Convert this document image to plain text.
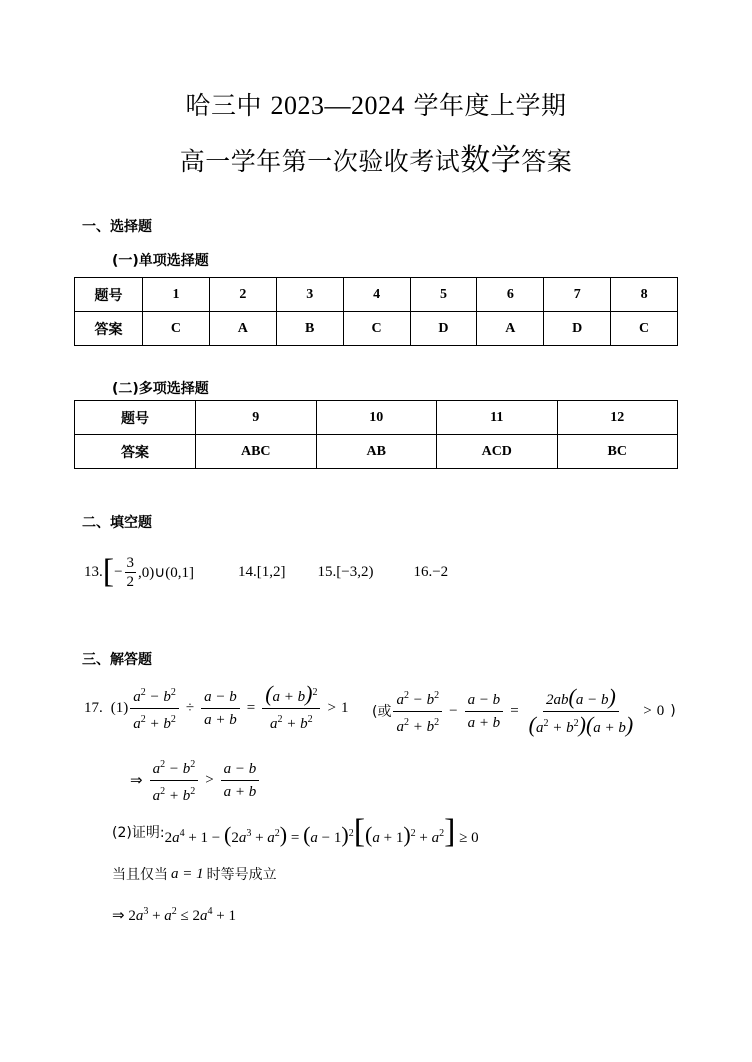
哈三中 2023—2024 学年度上学期
高一学年第一次验收考试数学答案
一、选择题
(一)单项选择题
题号	1	2	3	4	5	6	7	8
答案	C	A	B	C	D	A	D	C
(二)多项选择题
题号	9	10	11	12
答案	ABC	AB	ACD	BC
二、填空题
13. [ − $\frac{3}{2}$ ,0)∪(0,1]	14. [1,2] 15. [−3,2)	16. −2
三、解答题
17. $(1) \frac{a^2 - b^2}{a^2 + b^2} \div \frac{a - b}{a + b} = \frac{(a + b)^2}{a^2 + b^2} > 1$ (或 $\frac{a^2 - b^2}{a^2 + b^2} - \frac{a - b}{a + b} = \frac{2ab(a - b)}{(a^2 + b^2)(a + b)} > 0$ )
⇒ $\frac{a^2 - b^2}{a^2 + b^2} > \frac{a - b}{a + b}$
(2)证明: $2a^4 + 1 - (2a^3 + a^2) = (a - 1)^2[(a + 1)^2 + a^2] \ge 0$
当且仅当 a = 1 时等号成立
⇒ $2a^3 + a^2 \le 2a^4 + 1$
